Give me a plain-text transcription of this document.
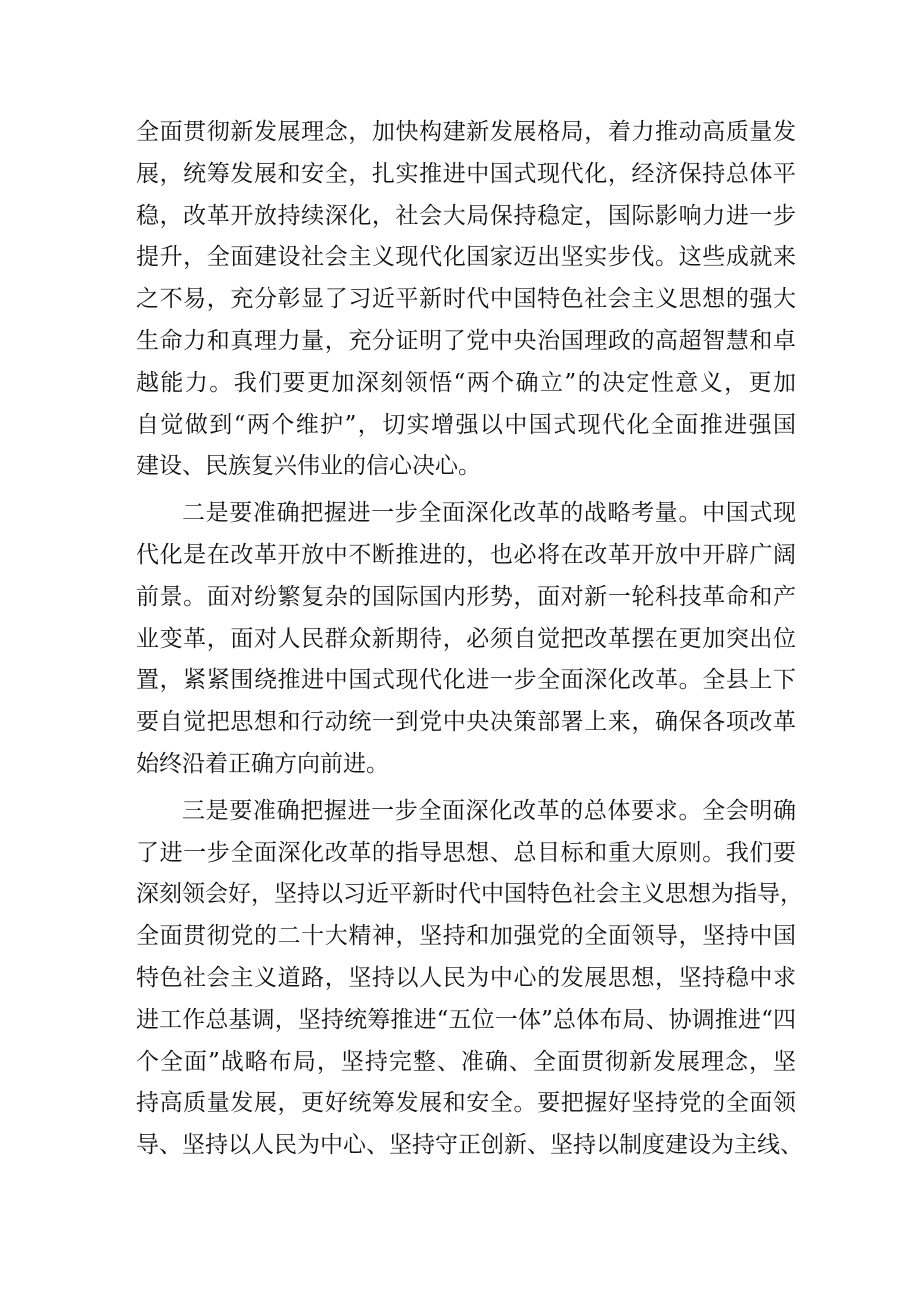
全面贯彻新发展理念，加快构建新发展格局，着力推动高质量发
展，统筹发展和安全，扎实推进中国式现代化，经济保持总体平
稳，改革开放持续深化，社会大局保持稳定，国际影响力进一步
提升，全面建设社会主义现代化国家迈出坚实步伐。这些成就来
之不易，充分彰显了习近平新时代中国特色社会主义思想的强大
生命力和真理力量，充分证明了党中央治国理政的高超智慧和卓
越能力。我们要更加深刻领悟“两个确立”的决定性意义，更加
自觉做到“两个维护”，切实增强以中国式现代化全面推进强国
建设、民族复兴伟业的信心决心。
二是要准确把握进一步全面深化改革的战略考量。中国式现
代化是在改革开放中不断推进的，也必将在改革开放中开辟广阔
前景。面对纷繁复杂的国际国内形势，面对新一轮科技革命和产
业变革，面对人民群众新期待，必须自觉把改革摆在更加突出位
置，紧紧围绕推进中国式现代化进一步全面深化改革。全县上下
要自觉把思想和行动统一到党中央决策部署上来，确保各项改革
始终沿着正确方向前进。
三是要准确把握进一步全面深化改革的总体要求。全会明确
了进一步全面深化改革的指导思想、总目标和重大原则。我们要
深刻领会好，坚持以习近平新时代中国特色社会主义思想为指导，
全面贯彻党的二十大精神，坚持和加强党的全面领导，坚持中国
特色社会主义道路，坚持以人民为中心的发展思想，坚持稳中求
进工作总基调，坚持统筹推进“五位一体”总体布局、协调推进“四
个全面”战略布局，坚持完整、准确、全面贯彻新发展理念，坚
持高质量发展，更好统筹发展和安全。要把握好坚持党的全面领
导、坚持以人民为中心、坚持守正创新、坚持以制度建设为主线、
